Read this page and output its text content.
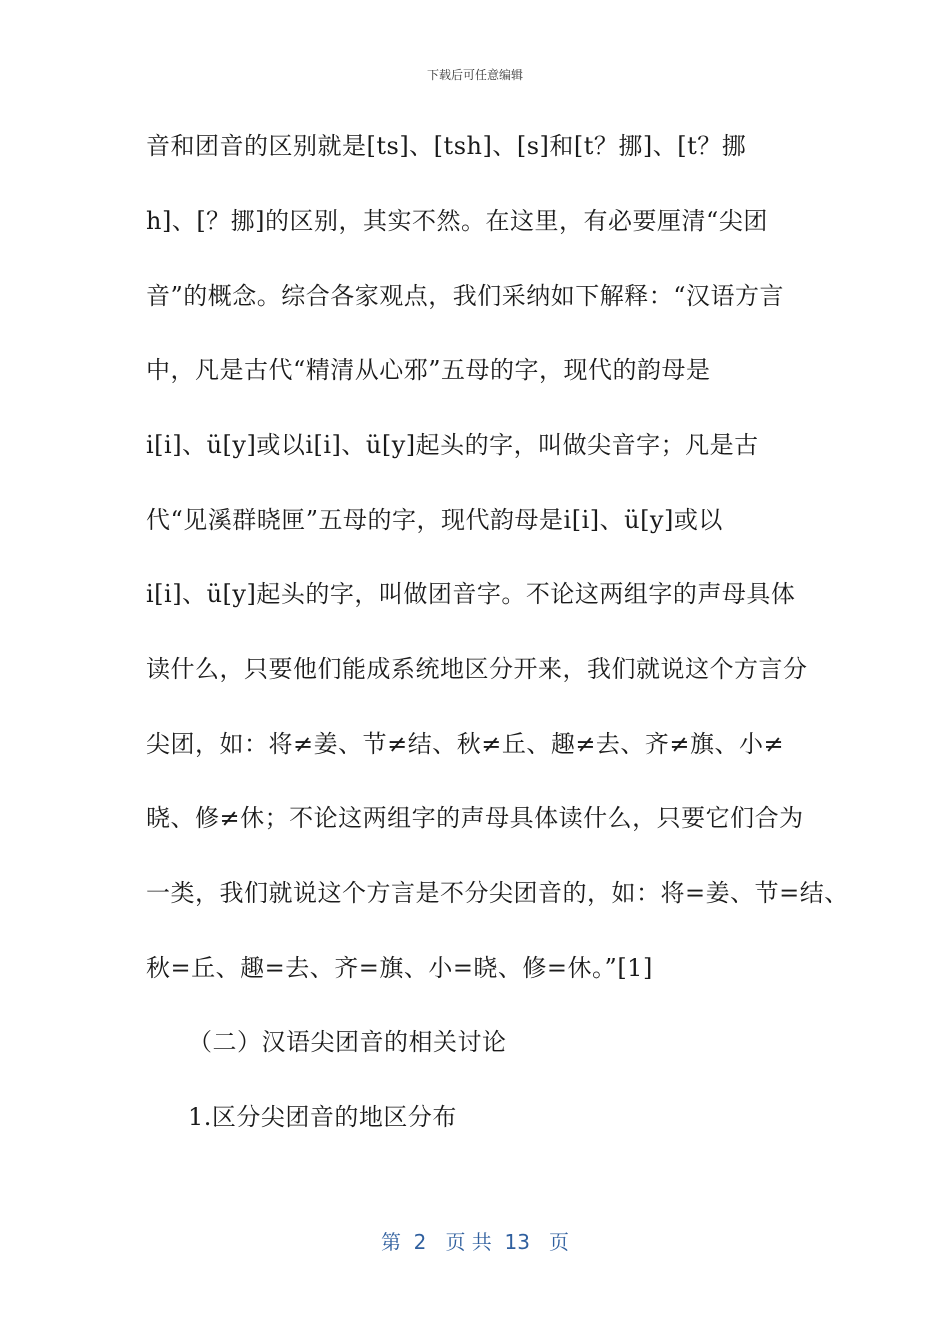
下载后可任意编辑
音和团音的区别就是[ts]、[tsh]、[s]和[t？挪]、[t？挪
h]、[？挪]的区别，其实不然。在这里，有必要厘清“尖团
音”的概念。综合各家观点，我们采纳如下解释：“汉语方言
中，凡是古代“精清从心邪”五母的字，现代的韵母是
i[i]、ü[y]或以i[i]、ü[y]起头的字，叫做尖音字；凡是古
代“见溪群晓匣”五母的字，现代韵母是i[i]、ü[y]或以
i[i]、ü[y]起头的字，叫做团音字。不论这两组字的声母具体
读什么，只要他们能成系统地区分开来，我们就说这个方言分
尖团，如：将≠姜、节≠结、秋≠丘、趣≠去、齐≠旗、小≠
晓、修≠休；不论这两组字的声母具体读什么，只要它们合为
一类，我们就说这个方言是不分尖团音的，如：将=姜、节=结、
秋=丘、趣=去、齐=旗、小=晓、修=休。”[1]
（二）汉语尖团音的相关讨论
1.区分尖团音的地区分布
第  2   页 共  13   页
